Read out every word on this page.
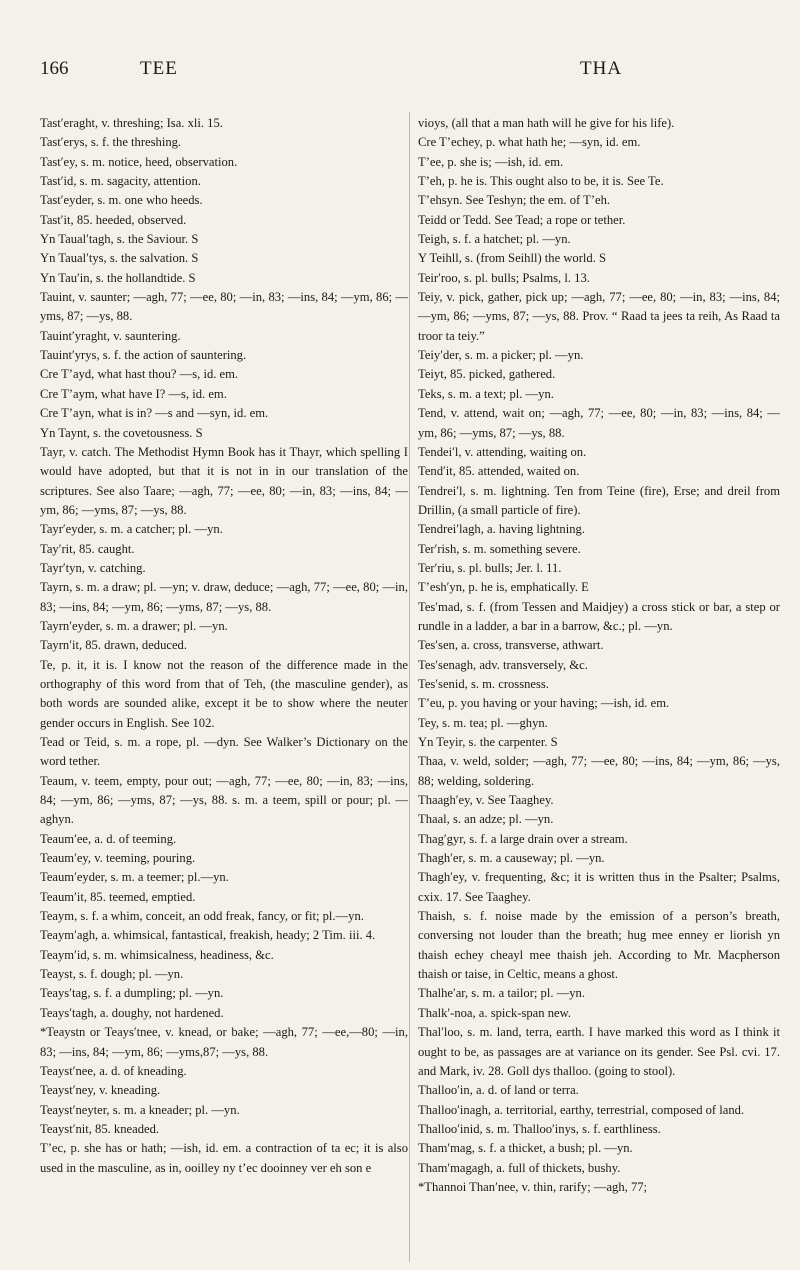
166	TEE	THA

Tast′eraght, v. threshing; Isa. xli. 15.

Tast′erys, s. f. the threshing.

Tast′ey, s. m. notice, heed, observation.

Tast′id, s. m. sagacity, attention.

Tast′eyder, s. m. one who heeds.

Tast′it, 85. heeded, observed.

Yn Taual′tagh, s. the Saviour. S

Yn Taual′tys, s. the salvation. S

Yn Tau′in, s. the hollandtide. S

Tauint, v. saunter; —agh, 77; —ee, 80; —in, 83; —ins, 84; —ym, 86; —yms, 87; —ys, 88.

Tauint′yraght, v. sauntering.

Tauint′yrys, s. f. the action of sauntering.

Cre T’ayd, what hast thou? —s, id. em.

Cre T’aym, what have I? —s, id. em.

Cre T’ayn, what is in? —s and —syn, id. em.

Yn Taynt, s. the covetousness. S

Tayr, v. catch. The Methodist Hymn Book has it Thayr, which spelling I would have adopted, but that it is not in in our translation of the scriptures. See also Taare; —agh, 77; —ee, 80; —in, 83; —ins, 84; —ym, 86; —yms, 87; —ys, 88.

Tayr′eyder, s. m. a catcher; pl. —yn.

Tay′rit, 85. caught.

Tayr′tyn, v. catching.

Tayrn, s. m. a draw; pl. —yn; v. draw, deduce; —agh, 77; —ee, 80; —in, 83; —ins, 84; —ym, 86; —yms, 87; —ys, 88.

Tayrn′eyder, s. m. a drawer; pl. —yn.

Tayrn′it, 85. drawn, deduced.

Te, p. it, it is. I know not the reason of the difference made in the orthography of this word from that of Teh, (the masculine gender), as both words are sounded alike, except it be to show where the neuter gender occurs in English. See 102.

Tead or Teid, s. m. a rope, pl. —dyn. See Walker’s Dictionary on the word tether.

Teaum, v. teem, empty, pour out; —agh, 77; —ee, 80; —in, 83; —ins, 84; —ym, 86; —yms, 87; —ys, 88. s. m. a teem, spill or pour; pl. —aghyn.

Teaum′ee, a. d. of teeming.

Teaum′ey, v. teeming, pouring.

Teaum′eyder, s. m. a teemer; pl.—yn.

Teaum′it, 85. teemed, emptied.

Teaym, s. f. a whim, conceit, an odd freak, fancy, or fit; pl.—yn.

Teaym′agh, a. whimsical, fantastical, freakish, heady; 2 Tim. iii. 4.

Teaym′id, s. m. whimsicalness, headiness, &c.

Teayst, s. f. dough; pl. —yn.

Teays′tag, s. f. a dumpling; pl. —yn.

Teays′tagh, a. doughy, not hardened.

*Teaystn or Teays′tnee, v. knead, or bake; —agh, 77; —ee,—80; —in, 83; —ins, 84; —ym, 86; —yms,87; —ys, 88.

Teayst′nee, a. d. of kneading.

Teayst′ney, v. kneading.

Teayst′neyter, s. m. a kneader; pl. —yn.

Teayst′nit, 85. kneaded.

T’ec, p. she has or hath; —ish, id. em. a contraction of ta ec; it is also used in the masculine, as in, ooilley ny t’ec dooinney ver eh son e

vioys, (all that a man hath will he give for his life).

Cre T’echey, p. what hath he; —syn, id. em.

T’ee, p. she is; —ish, id. em.

T’eh, p. he is. This ought also to be, it is. See Te.

T’ehsyn. See Teshyn; the em. of T’eh.

Teidd or Tedd. See Tead; a rope or tether.

Teigh, s. f. a hatchet; pl. —yn.

Y Teihll, s. (from Seihll) the world. S

Teir′roo, s. pl. bulls; Psalms, l. 13.

Teiy, v. pick, gather, pick up; —agh, 77; —ee, 80; —in, 83; —ins, 84; —ym, 86; —yms, 87; —ys, 88. Prov. “ Raad ta jees ta reih, As Raad ta troor ta teiy.”

Teiy′der, s. m. a picker; pl. —yn.

Teiyt, 85. picked, gathered.

Teks, s. m. a text; pl. —yn.

Tend, v. attend, wait on; —agh, 77; —ee, 80; —in, 83; —ins, 84; —ym, 86; —yms, 87; —ys, 88.

Tendei′l, v. attending, waiting on.

Tend′it, 85. attended, waited on.

Tendrei′l, s. m. lightning. Ten from Teine (fire), Erse; and dreil from Drillin, (a small particle of fire).

Tendrei′lagh, a. having lightning.

Ter′rish, s. m. something severe.

Ter′riu, s. pl. bulls; Jer. l. 11.

T’esh′yn, p. he is, emphatically. E

Tes′mad, s. f. (from Tessen and Maidjey) a cross stick or bar, a step or rundle in a ladder, a bar in a barrow, &c.; pl. —yn.

Tes′sen, a. cross, transverse, athwart.

Tes′senagh, adv. transversely, &c.

Tes′senid, s. m. crossness.

T’eu, p. you having or your having; —ish, id. em.

Tey, s. m. tea; pl. —ghyn.

Yn Teyir, s. the carpenter. S

Thaa, v. weld, solder; —agh, 77; —ee, 80; —ins, 84; —ym, 86; —ys, 88; welding, soldering.

Thaagh′ey, v. See Taaghey.

Thaal, s. an adze; pl. —yn.

Thag′gyr, s. f. a large drain over a stream.

Thagh′er, s. m. a causeway; pl. —yn.

Thagh′ey, v. frequenting, &c; it is written thus in the Psalter; Psalms, cxix. 17. See Taaghey.

Thaish, s. f. noise made by the emission of a person’s breath, conversing not louder than the breath; hug mee enney er liorish yn thaish echey cheayl mee thaish jeh. According to Mr. Macpherson thaish or taise, in Celtic, means a ghost.

Thalhe′ar, s. m. a tailor; pl. —yn.

Thalk′-noa, a. spick-span new.

Thal′loo, s. m. land, terra, earth. I have marked this word as I think it ought to be, as passages are at variance on its gender. See Psl. cvi. 17. and Mark, iv. 28. Goll dys thalloo. (going to stool).

Thalloo′in, a. d. of land or terra.

Thalloo′inagh, a. territorial, earthy, terrestrial, composed of land.

Thalloo′inid, s. m. Thalloo′inys, s. f. earthliness.

Tham′mag, s. f. a thicket, a bush; pl. —yn.

Tham′magagh, a. full of thickets, bushy.

*Thannoi Than′nee, v. thin, rarify; —agh, 77;
